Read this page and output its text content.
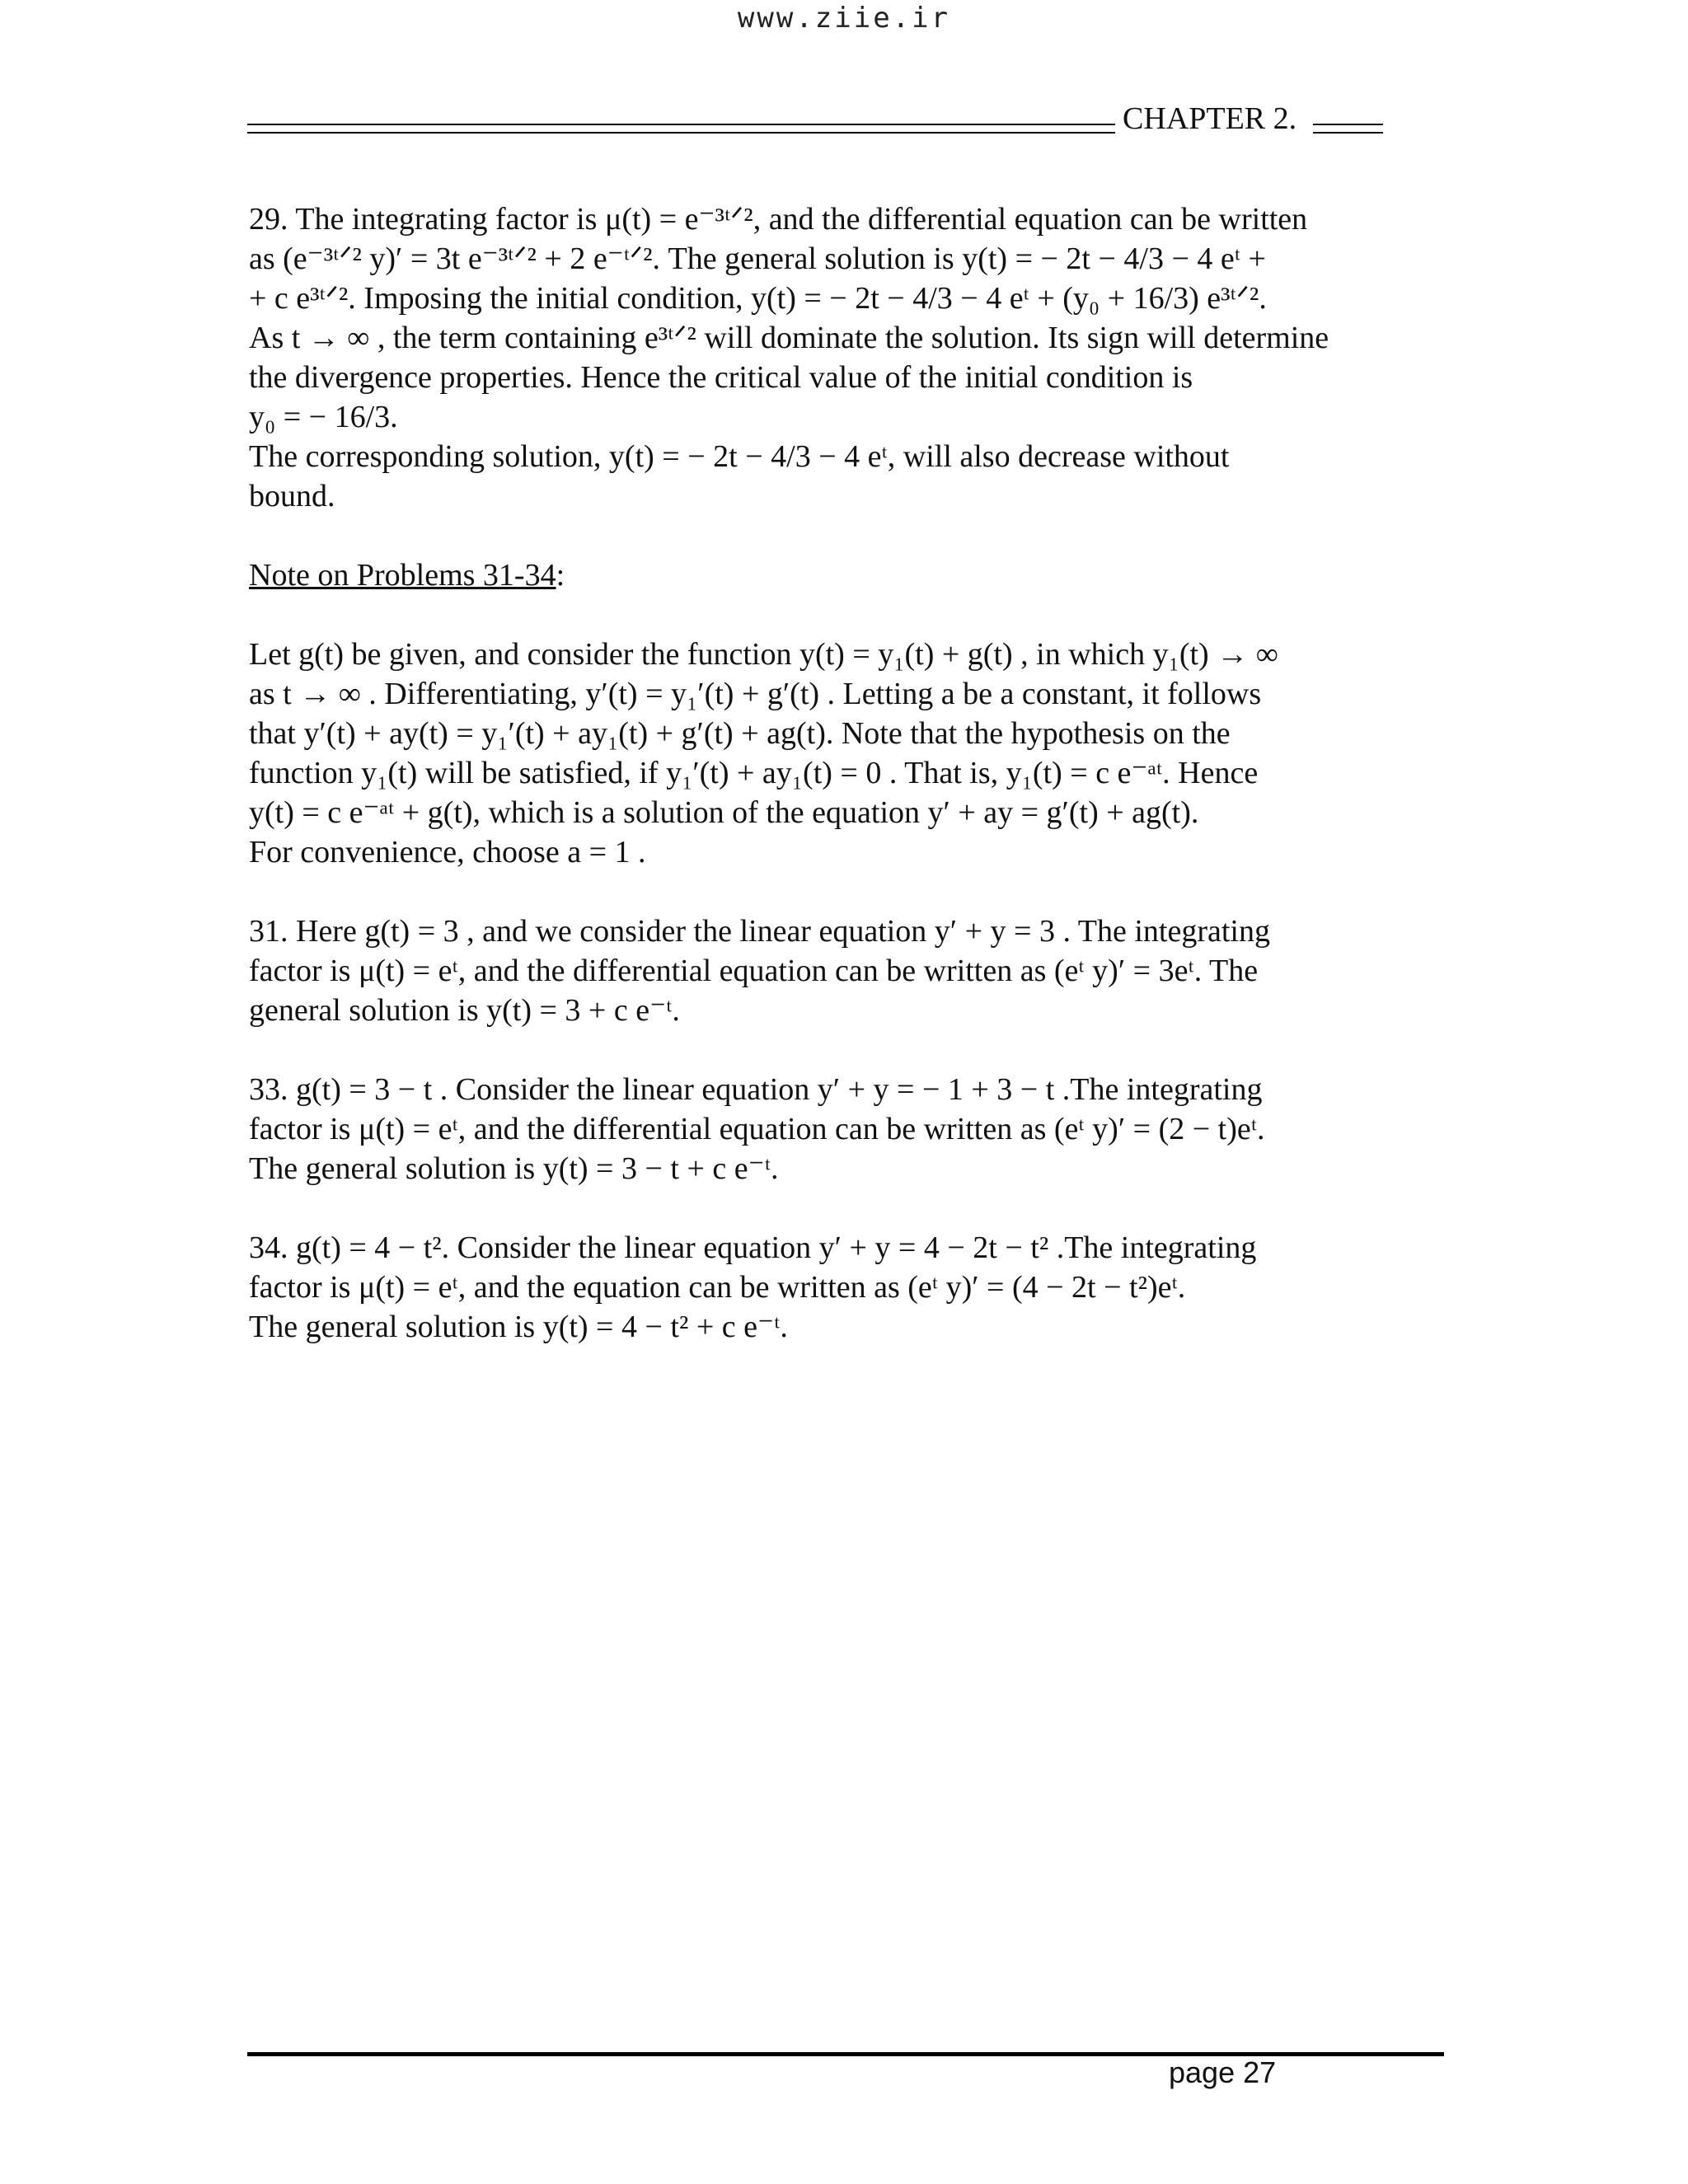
www.ziie.ir
CHAPTER 2.

29. The integrating factor is μ(t) = e⁻³ᵗᐟ², and the differential equation can be written
as (e⁻³ᵗᐟ² y)′ = 3t e⁻³ᵗᐟ² + 2 e⁻ᵗᐟ². The general solution is y(t) = − 2t − 4/3 − 4 eᵗ +
+ c e³ᵗᐟ². Imposing the initial condition, y(t) = − 2t − 4/3 − 4 eᵗ + (y₀ + 16/3) e³ᵗᐟ².
As t → ∞ , the term containing e³ᵗᐟ² will dominate the solution. Its sign will determine
the divergence properties. Hence the critical value of the initial condition is
y₀ = − 16/3.
The corresponding solution, y(t) = − 2t − 4/3 − 4 eᵗ, will also decrease without
bound.

Note on Problems 31-34:

Let g(t) be given, and consider the function y(t) = y₁(t) + g(t) , in which y₁(t) → ∞
as t → ∞ . Differentiating, y′(t) = y₁′(t) + g′(t) . Letting a be a constant, it follows
that y′(t) + ay(t) = y₁′(t) + ay₁(t) + g′(t) + ag(t). Note that the hypothesis on the
function y₁(t) will be satisfied, if y₁′(t) + ay₁(t) = 0 . That is, y₁(t) = c e⁻ᵃᵗ. Hence
y(t) = c e⁻ᵃᵗ + g(t), which is a solution of the equation y′ + ay = g′(t) + ag(t).
For convenience, choose a = 1 .

31. Here g(t) = 3 , and we consider the linear equation y′ + y = 3 . The integrating
factor is μ(t) = eᵗ, and the differential equation can be written as (eᵗ y)′ = 3eᵗ. The
general solution is y(t) = 3 + c e⁻ᵗ.

33. g(t) = 3 − t . Consider the linear equation y′ + y = − 1 + 3 − t .The integrating
factor is μ(t) = eᵗ, and the differential equation can be written as (eᵗ y)′ = (2 − t)eᵗ.
The general solution is y(t) = 3 − t + c e⁻ᵗ.

34. g(t) = 4 − t². Consider the linear equation y′ + y = 4 − 2t − t² .The integrating
factor is μ(t) = eᵗ, and the equation can be written as (eᵗ y)′ = (4 − 2t − t²)eᵗ.
The general solution is y(t) = 4 − t² + c e⁻ᵗ.

page 27
